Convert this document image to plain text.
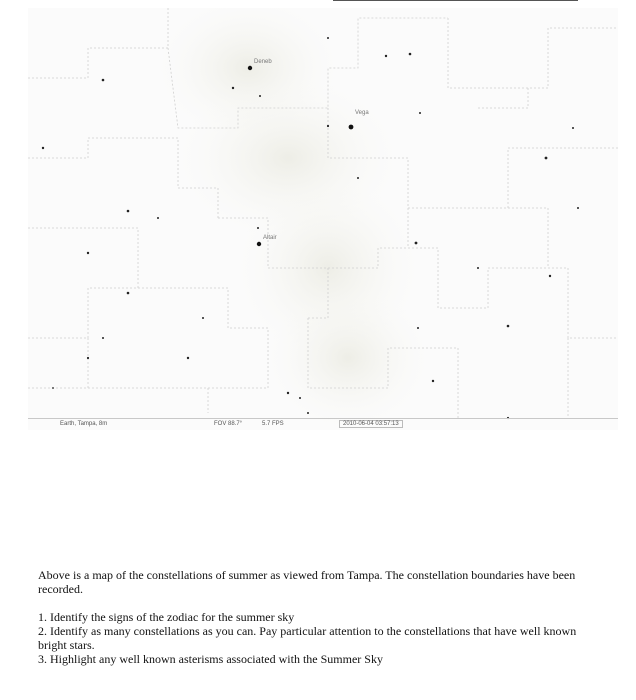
Deneb
Vega
Altair
Earth, Tampa, 8m	FOV 88.7°	5.7 FPS	2010-06-04 03:57:13

Above is a map of the constellations of summer as viewed from Tampa. The constellation boundaries have been recorded.

1. Identify the signs of the zodiac for the summer sky

2. Identify as many constellations as you can. Pay particular attention to the constellations that have well known bright stars.

3. Highlight any well known asterisms associated with the Summer Sky
